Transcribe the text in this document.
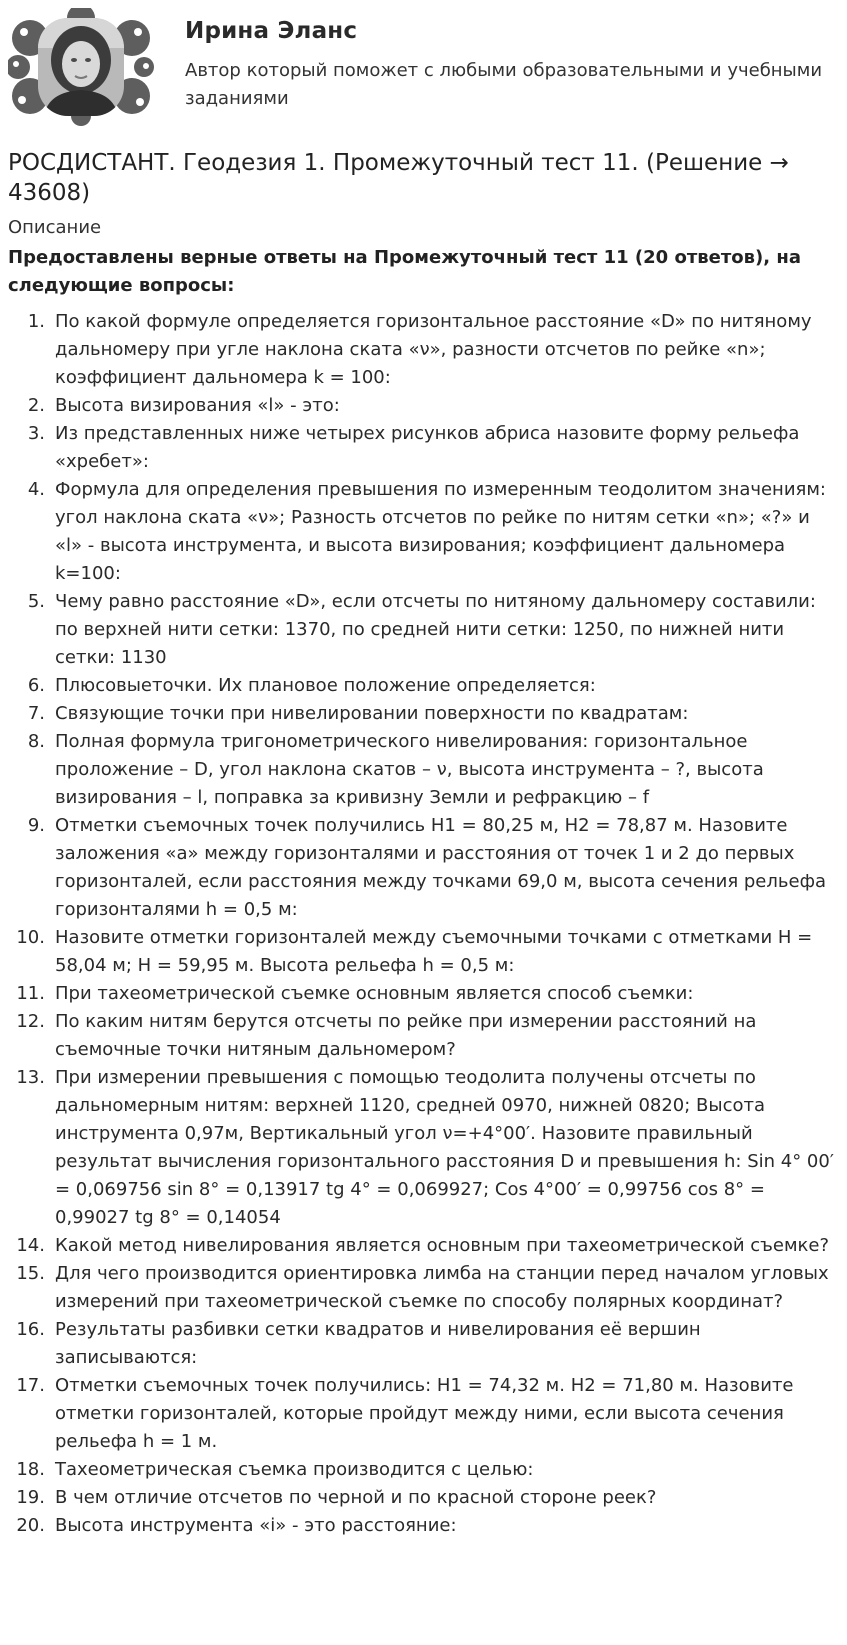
Ирина Эланс
Автор который поможет с любыми образовательными и учебными заданиями
РОСДИСТАНТ. Геодезия 1. Промежуточный тест 11. (Решение → 43608)
Описание
Предоставлены верные ответы на Промежуточный тест 11 (20 ответов), на следующие вопросы:
1. По какой формуле определяется горизонтальное расстояние «D» по нитяному дальномеру при угле наклона ската «ν», разности отсчетов по рейке «n»; коэффициент дальномера k = 100:
2. Высота визирования «l» - это:
3. Из представленных ниже четырех рисунков абриса назовите форму рельефа «хребет»:
4. Формула для определения превышения по измеренным теодолитом значениям: угол наклона ската «ν»; Разность отсчетов по рейке по нитям сетки «n»; «?» и «l» - высота инструмента, и высота визирования; коэффициент дальномера k=100:
5. Чему равно расстояние «D», если отсчеты по нитяному дальномеру составили: по верхней нити сетки: 1370, по средней нити сетки: 1250, по нижней нити сетки: 1130
6. Плюсовыеточки. Их плановое положение определяется:
7. Связующие точки при нивелировании поверхности по квадратам:
8. Полная формула тригонометрического нивелирования: горизонтальное проложение – D, угол наклона скатов – ν, высота инструмента – ?, высота визирования – l, поправка за кривизну Земли и рефракцию – f
9. Отметки съемочных точек получились Н1 = 80,25 м, Н2 = 78,87 м. Назовите заложения «а» между горизонталями и расстояния от точек 1 и 2 до первых горизонталей, если расстояния между точками 69,0 м, высота сечения рельефа горизонталями h = 0,5 м:
10. Назовите отметки горизонталей между съемочными точками с отметками Н = 58,04 м; Н = 59,95 м. Высота рельефа h = 0,5 м:
11. При тахеометрической съемке основным является способ съемки:
12. По каким нитям берутся отсчеты по рейке при измерении расстояний на съемочные точки нитяным дальномером?
13. При измерении превышения с помощью теодолита получены отсчеты по дальномерным нитям: верхней 1120, средней 0970, нижней 0820; Высота инструмента 0,97м, Вертикальный угол ν=+4°00′. Назовите правильный результат вычисления горизонтального расстояния D и превышения h: Sin 4° 00′ = 0,069756 sin 8° = 0,13917 tg 4° = 0,069927; Cos 4°00′ = 0,99756 cos 8° = 0,99027 tg 8° = 0,14054
14. Какой метод нивелирования является основным при тахеометрической съемке?
15. Для чего производится ориентировка лимба на станции перед началом угловых измерений при тахеометрической съемке по способу полярных координат?
16. Результаты разбивки сетки квадратов и нивелирования её вершин записываются:
17. Отметки съемочных точек получились: Н1 = 74,32 м. Н2 = 71,80 м. Назовите отметки горизонталей, которые пройдут между ними, если высота сечения рельефа h = 1 м.
18. Тахеометрическая съемка производится с целью:
19. В чем отличие отсчетов по черной и по красной стороне реек?
20. Высота инструмента «i» - это расстояние:
